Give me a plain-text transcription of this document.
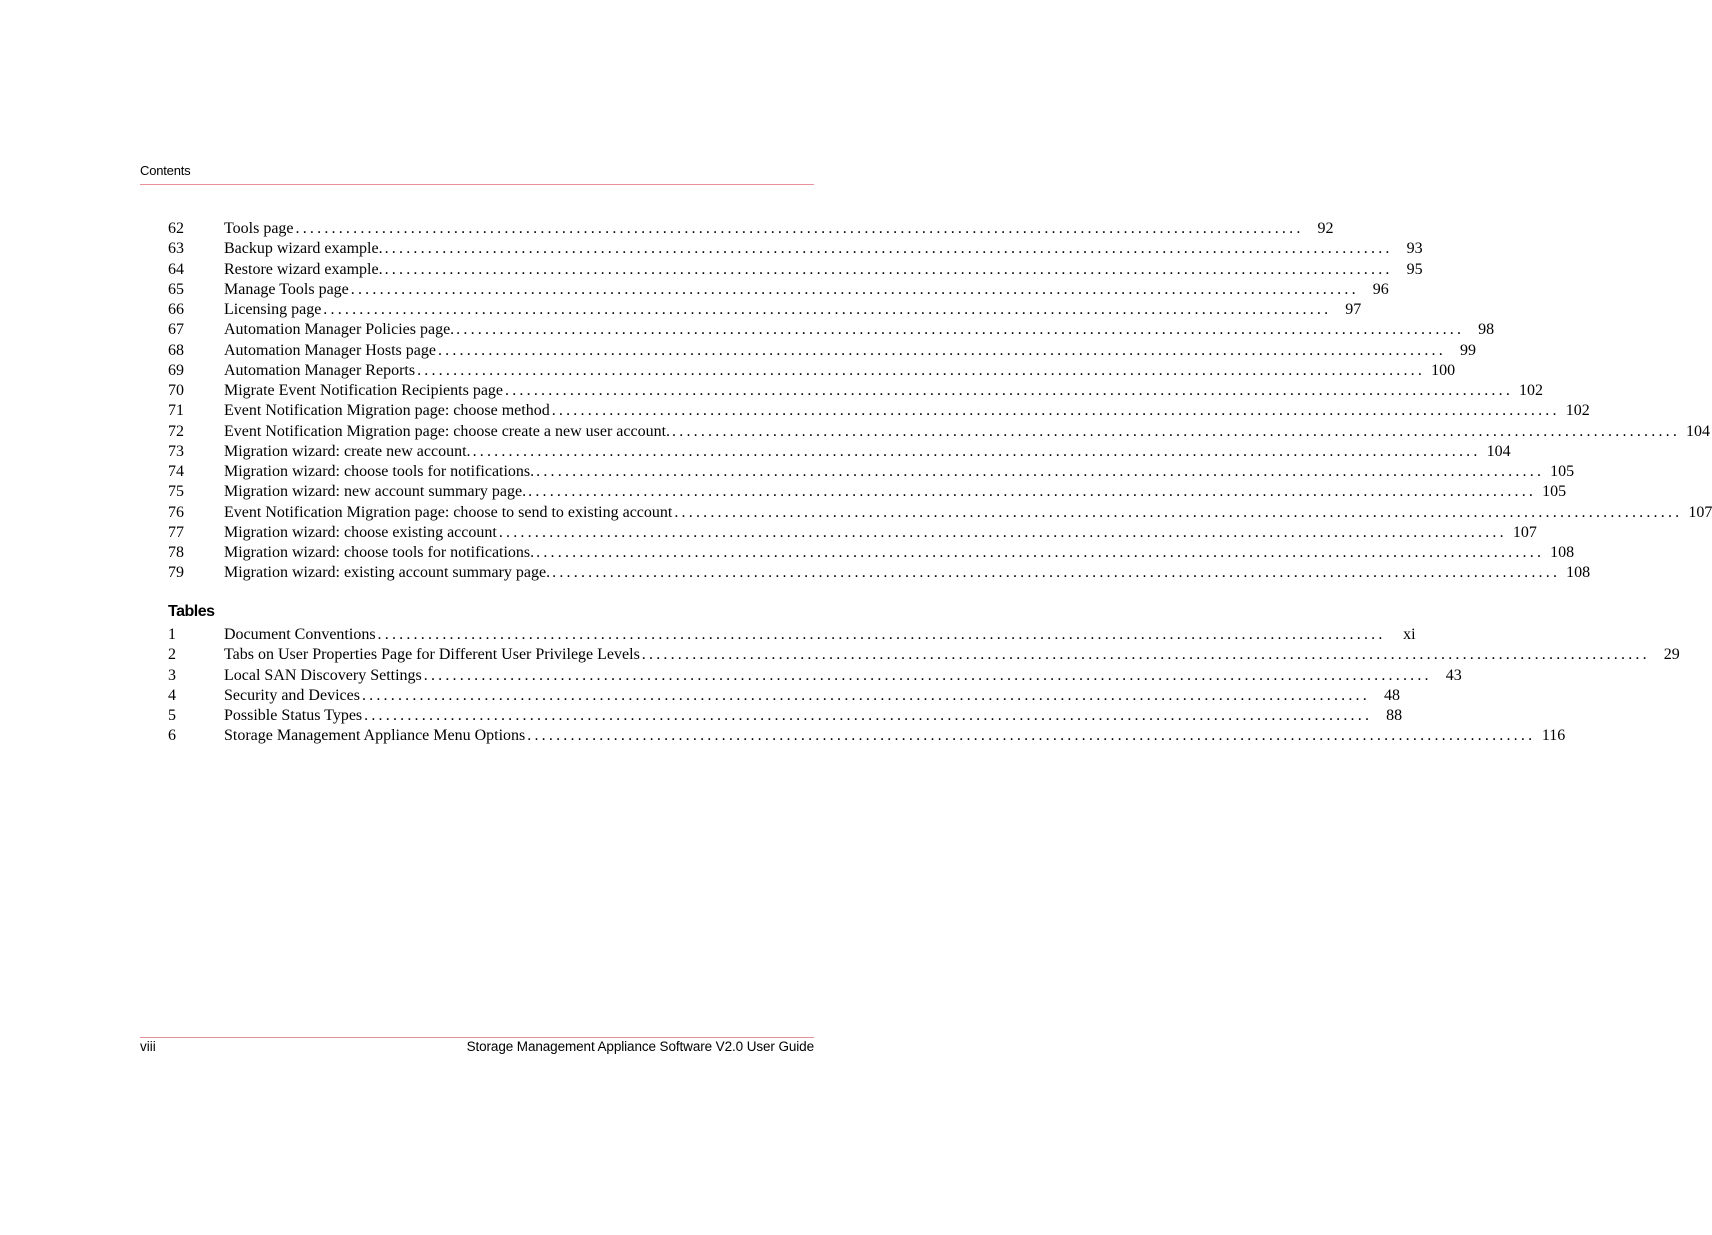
Contents
62	Tools page ............................................................................................................................................ 92
63	Backup wizard example. ............................................................................................................................................ 93
64	Restore wizard example. ............................................................................................................................................ 95
65	Manage Tools page ............................................................................................................................................ 96
66	Licensing page ............................................................................................................................................ 97
67	Automation Manager Policies page. ............................................................................................................................................ 98
68	Automation Manager Hosts page ............................................................................................................................................ 99
69	Automation Manager Reports ............................................................................................................................................ 100
70	Migrate Event Notification Recipients page ............................................................................................................................................ 102
71	Event Notification Migration page: choose method ............................................................................................................................................ 102
72	Event Notification Migration page: choose create a new user account. ............................................................................................................................................ 104
73	Migration wizard: create new account. ............................................................................................................................................ 104
74	Migration wizard: choose tools for notifications. ............................................................................................................................................ 105
75	Migration wizard: new account summary page. ............................................................................................................................................ 105
76	Event Notification Migration page: choose to send to existing account ............................................................................................................................................ 107
77	Migration wizard: choose existing account ............................................................................................................................................ 107
78	Migration wizard: choose tools for notifications. ............................................................................................................................................ 108
79	Migration wizard: existing account summary page. ............................................................................................................................................ 108
Tables
1	Document Conventions ............................................................................................................................................	xi
2	Tabs on User Properties Page for Different User Privilege Levels ............................................................................................................................................ 29
3	Local SAN Discovery Settings ............................................................................................................................................ 43
4	Security and Devices ............................................................................................................................................ 48
5	Possible Status Types ............................................................................................................................................ 88
6	Storage Management Appliance Menu Options ............................................................................................................................................ 116
viii	Storage Management Appliance Software V2.0 User Guide
